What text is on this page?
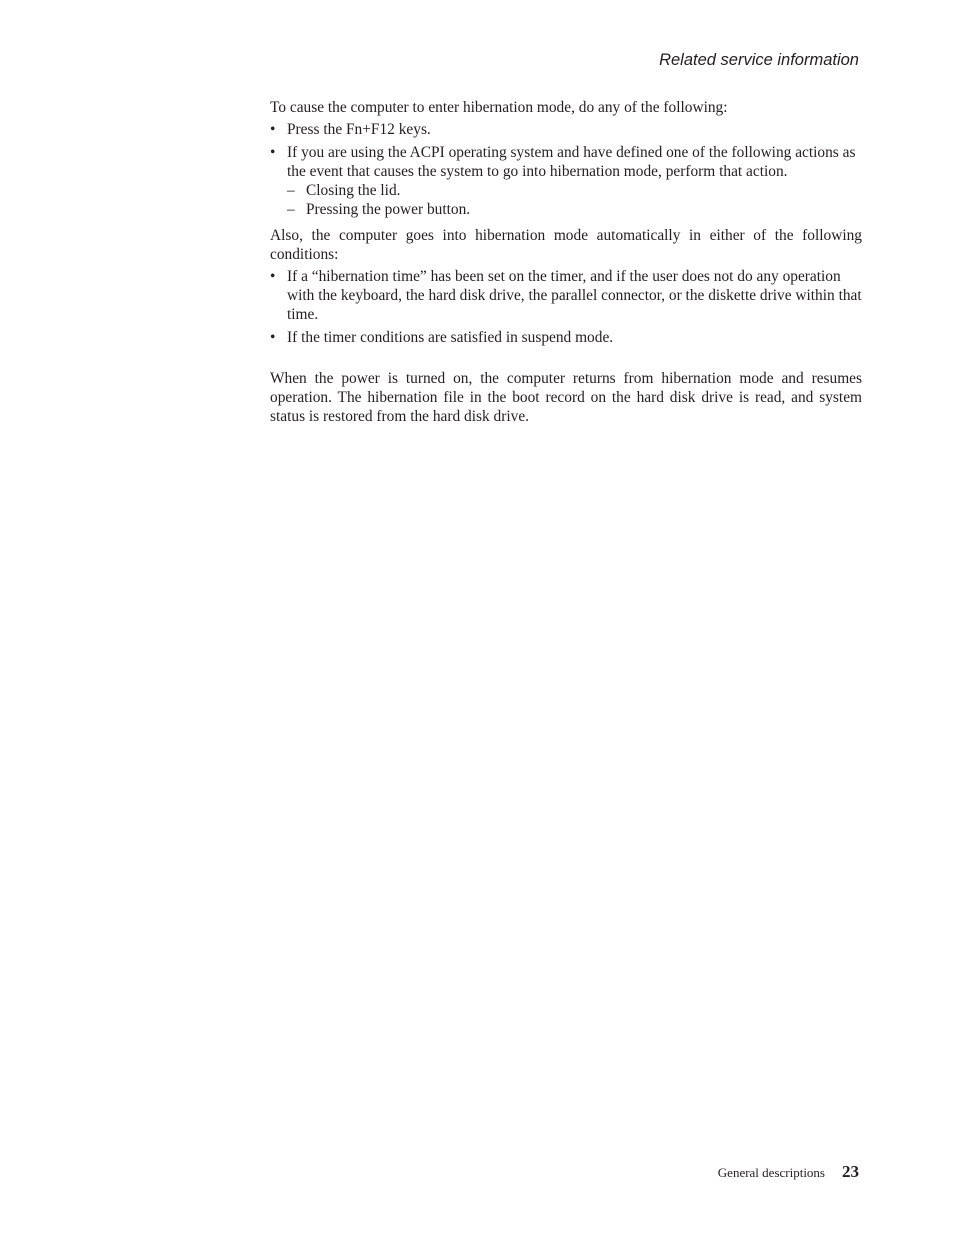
Related service information

To cause the computer to enter hibernation mode, do any of the following:

• Press the Fn+F12 keys.
• If you are using the ACPI operating system and have defined one of the following actions as the event that causes the system to go into hibernation mode, perform that action.
– Closing the lid.
– Pressing the power button.

Also, the computer goes into hibernation mode automatically in either of the following conditions:

• If a “hibernation time” has been set on the timer, and if the user does not do any operation with the keyboard, the hard disk drive, the parallel connector, or the diskette drive within that time.
• If the timer conditions are satisfied in suspend mode.

When the power is turned on, the computer returns from hibernation mode and resumes operation. The hibernation file in the boot record on the hard disk drive is read, and system status is restored from the hard disk drive.

General descriptions 23
